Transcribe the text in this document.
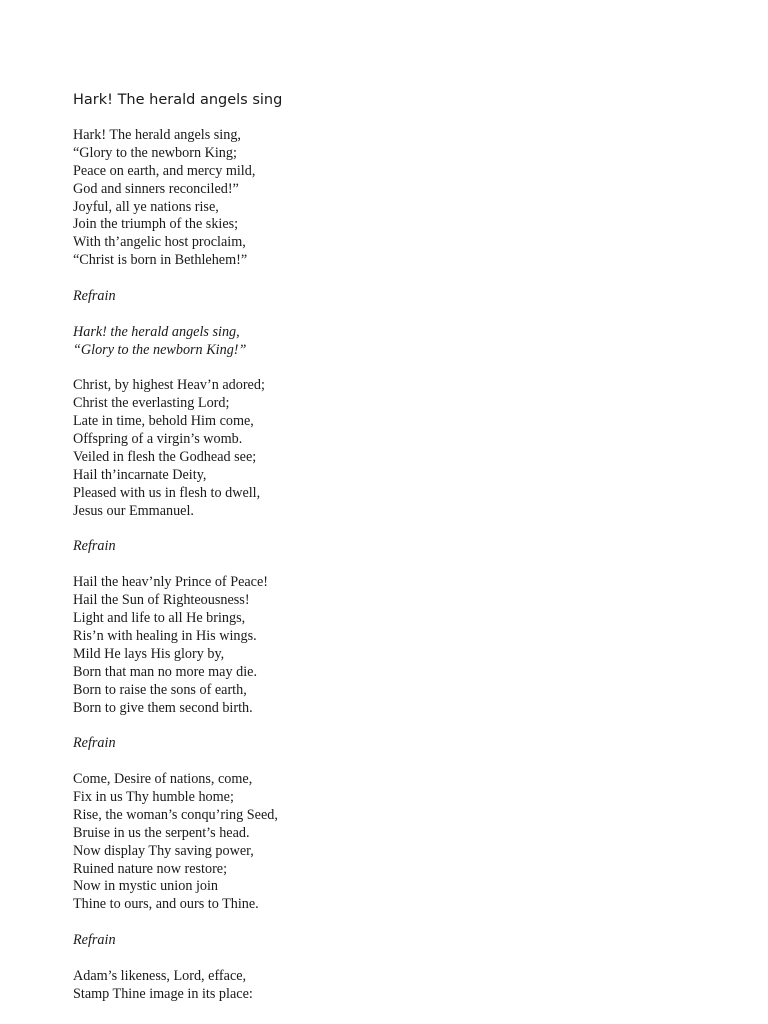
Hark! The herald angels sing
Hark! The herald angels sing,
“Glory to the newborn King;
Peace on earth, and mercy mild,
God and sinners reconciled!”
Joyful, all ye nations rise,
Join the triumph of the skies;
With th’angelic host proclaim,
“Christ is born in Bethlehem!”
Refrain
Hark! the herald angels sing,
“Glory to the newborn King!”
Christ, by highest Heav’n adored;
Christ the everlasting Lord;
Late in time, behold Him come,
Offspring of a virgin’s womb.
Veiled in flesh the Godhead see;
Hail th’incarnate Deity,
Pleased with us in flesh to dwell,
Jesus our Emmanuel.
Refrain
Hail the heav’nly Prince of Peace!
Hail the Sun of Righteousness!
Light and life to all He brings,
Ris’n with healing in His wings.
Mild He lays His glory by,
Born that man no more may die.
Born to raise the sons of earth,
Born to give them second birth.
Refrain
Come, Desire of nations, come,
Fix in us Thy humble home;
Rise, the woman’s conqu’ring Seed,
Bruise in us the serpent’s head.
Now display Thy saving power,
Ruined nature now restore;
Now in mystic union join
Thine to ours, and ours to Thine.
Refrain
Adam’s likeness, Lord, efface,
Stamp Thine image in its place:
